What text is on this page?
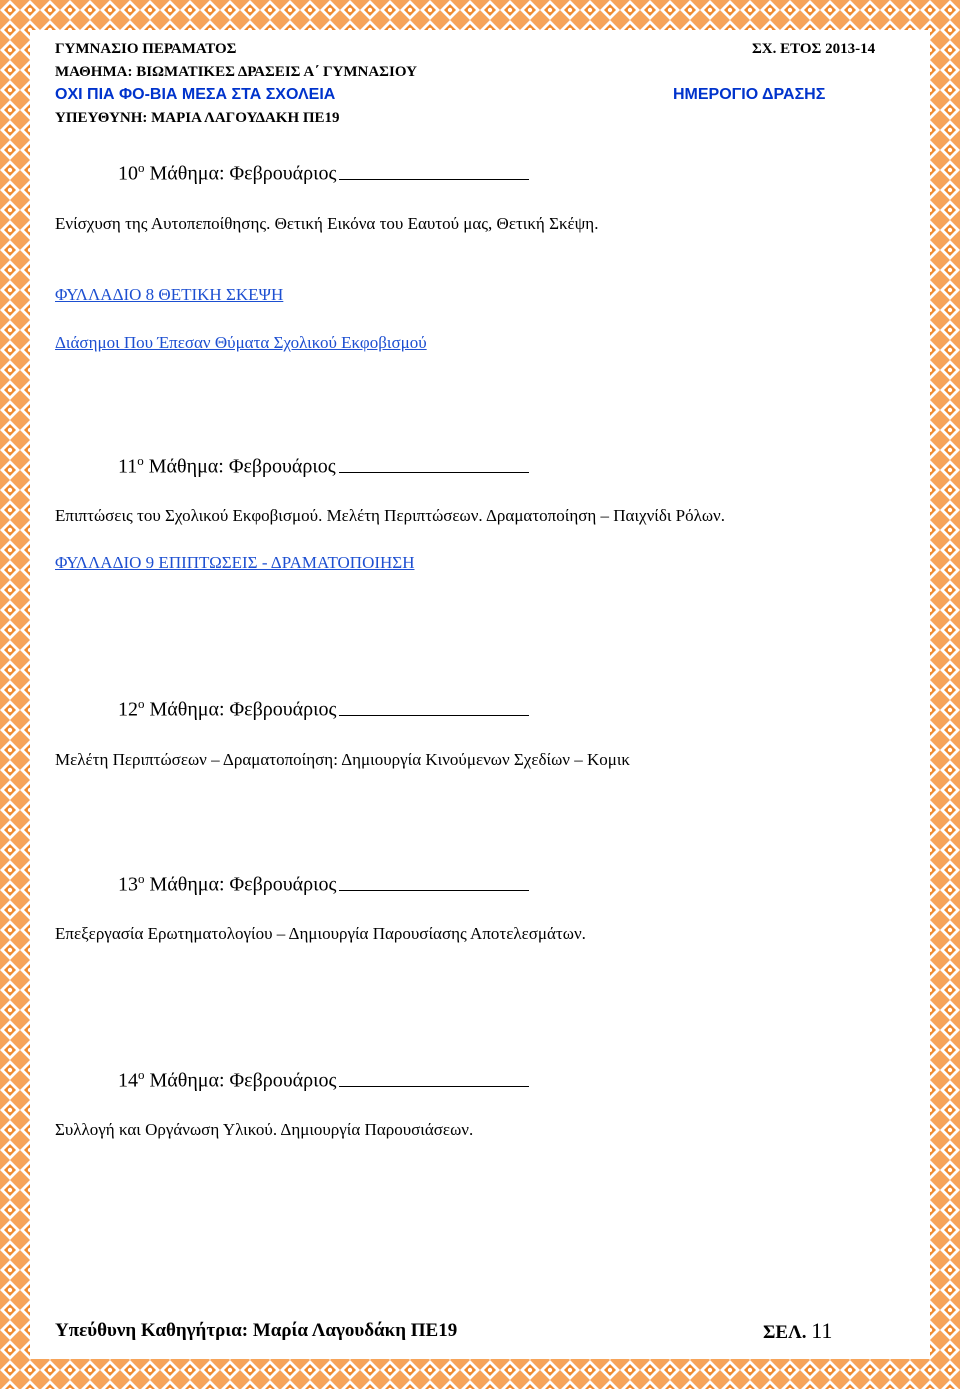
ΓΥΜΝΑΣΙΟ ΠΕΡΑΜΑΤΟΣ	ΣΧ. ΕΤΟΣ 2013-14
ΜΑΘΗΜΑ: ΒΙΩΜΑΤΙΚΕΣ ΔΡΑΣΕΙΣ Α΄ ΓΥΜΝΑΣΙΟΥ
ΟΧΙ ΠΙΑ ΦΟ-ΒΙΑ ΜΕΣΑ ΣΤΑ ΣΧΟΛΕΙΑ	ΗΜΕΡΟΓΙΟ ΔΡΑΣΗΣ
ΥΠΕΥΘΥΝΗ: ΜΑΡΙΑ ΛΑΓΟΥΔΑΚΗ ΠΕ19
$10^o$ Μάθημα: Φεβρουάριος
Ενίσχυση της Αυτοπεποίθησης. Θετική Εικόνα του Εαυτού μας, Θετική Σκέψη.
ΦΥΛΛΑΔΙΟ 8 ΘΕΤΙΚΗ ΣΚΕΨΗ
Διάσημοι Που Έπεσαν Θύματα Σχολικού Εκφοβισμού
$11^o$ Μάθημα: Φεβρουάριος
Επιπτώσεις του Σχολικού Εκφοβισμού. Μελέτη Περιπτώσεων. Δραματοποίηση – Παιχνίδι Ρόλων.
ΦΥΛΛΑΔΙΟ 9 ΕΠΙΠΤΩΣΕΙΣ - ΔΡΑΜΑΤΟΠΟΙΗΣΗ
$12^o$ Μάθημα: Φεβρουάριος
Μελέτη Περιπτώσεων – Δραματοποίηση: Δημιουργία Κινούμενων Σχεδίων – Κομικ
$13^o$ Μάθημα: Φεβρουάριος
Επεξεργασία Ερωτηματολογίου – Δημιουργία Παρουσίασης Αποτελεσμάτων.
$14^o$ Μάθημα: Φεβρουάριος
Συλλογή και Οργάνωση Υλικού. Δημιουργία Παρουσιάσεων.
Υπεύθυνη Καθηγήτρια: Μαρία Λαγουδάκη ΠΕ19	ΣΕΛ. 11
